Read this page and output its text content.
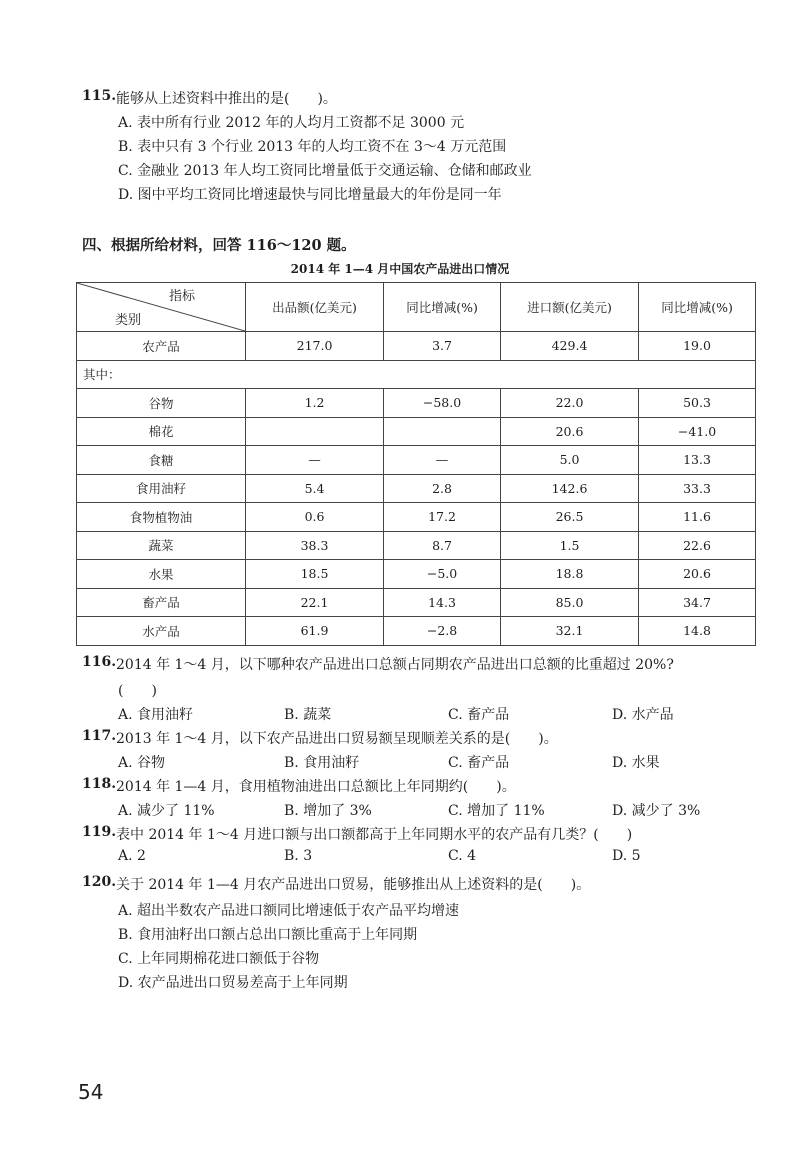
115. 能够从上述资料中推出的是(　　)。
A. 表中所有行业 2012 年的人均月工资都不足 3000 元
B. 表中只有 3 个行业 2013 年的人均工资不在 3～4 万元范围
C. 金融业 2013 年人均工资同比增量低于交通运输、仓储和邮政业
D. 图中平均工资同比增速最快与同比增量最大的年份是同一年
四、根据所给材料，回答 116～120 题。
2014 年 1—4 月中国农产品进出口情况
指标
类别	出品额(亿美元)	同比增减(%)	进口额(亿美元)	同比增减(%)
农产品	217.0	3.7	429.4	19.0
其中：				
谷物	1.2	−58.0	22.0	50.3
棉花			20.6	−41.0
食糖	—	—	5.0	13.3
食用油籽	5.4	2.8	142.6	33.3
食物植物油	0.6	17.2	26.5	11.6
蔬菜	38.3	8.7	1.5	22.6
水果	18.5	−5.0	18.8	20.6
畜产品	22.1	14.3	85.0	34.7
水产品	61.9	−2.8	32.1	14.8
116. 2014 年 1～4 月，以下哪种农产品进出口总额占同期农产品进出口总额的比重超过 20%?
(　　)
A. 食用油籽	B. 蔬菜	C. 畜产品	D. 水产品
117. 2013 年 1～4 月，以下农产品进出口贸易额呈现顺差关系的是(　　)。
A. 谷物	B. 食用油籽	C. 畜产品	D. 水果
118. 2014 年 1—4 月，食用植物油进出口总额比上年同期约(　　)。
A. 减少了 11%	B. 增加了 3%	C. 增加了 11%	D. 减少了 3%
119. 表中 2014 年 1～4 月进口额与出口额都高于上年同期水平的农产品有几类？(　　)
A. 2	B. 3	C. 4	D. 5
120. 关于 2014 年 1—4 月农产品进出口贸易，能够推出从上述资料的是(　　)。
A. 超出半数农产品进口额同比增速低于农产品平均增速
B. 食用油籽出口额占总出口额比重高于上年同期
C. 上年同期棉花进口额低于谷物
D. 农产品进出口贸易差高于上年同期
54
